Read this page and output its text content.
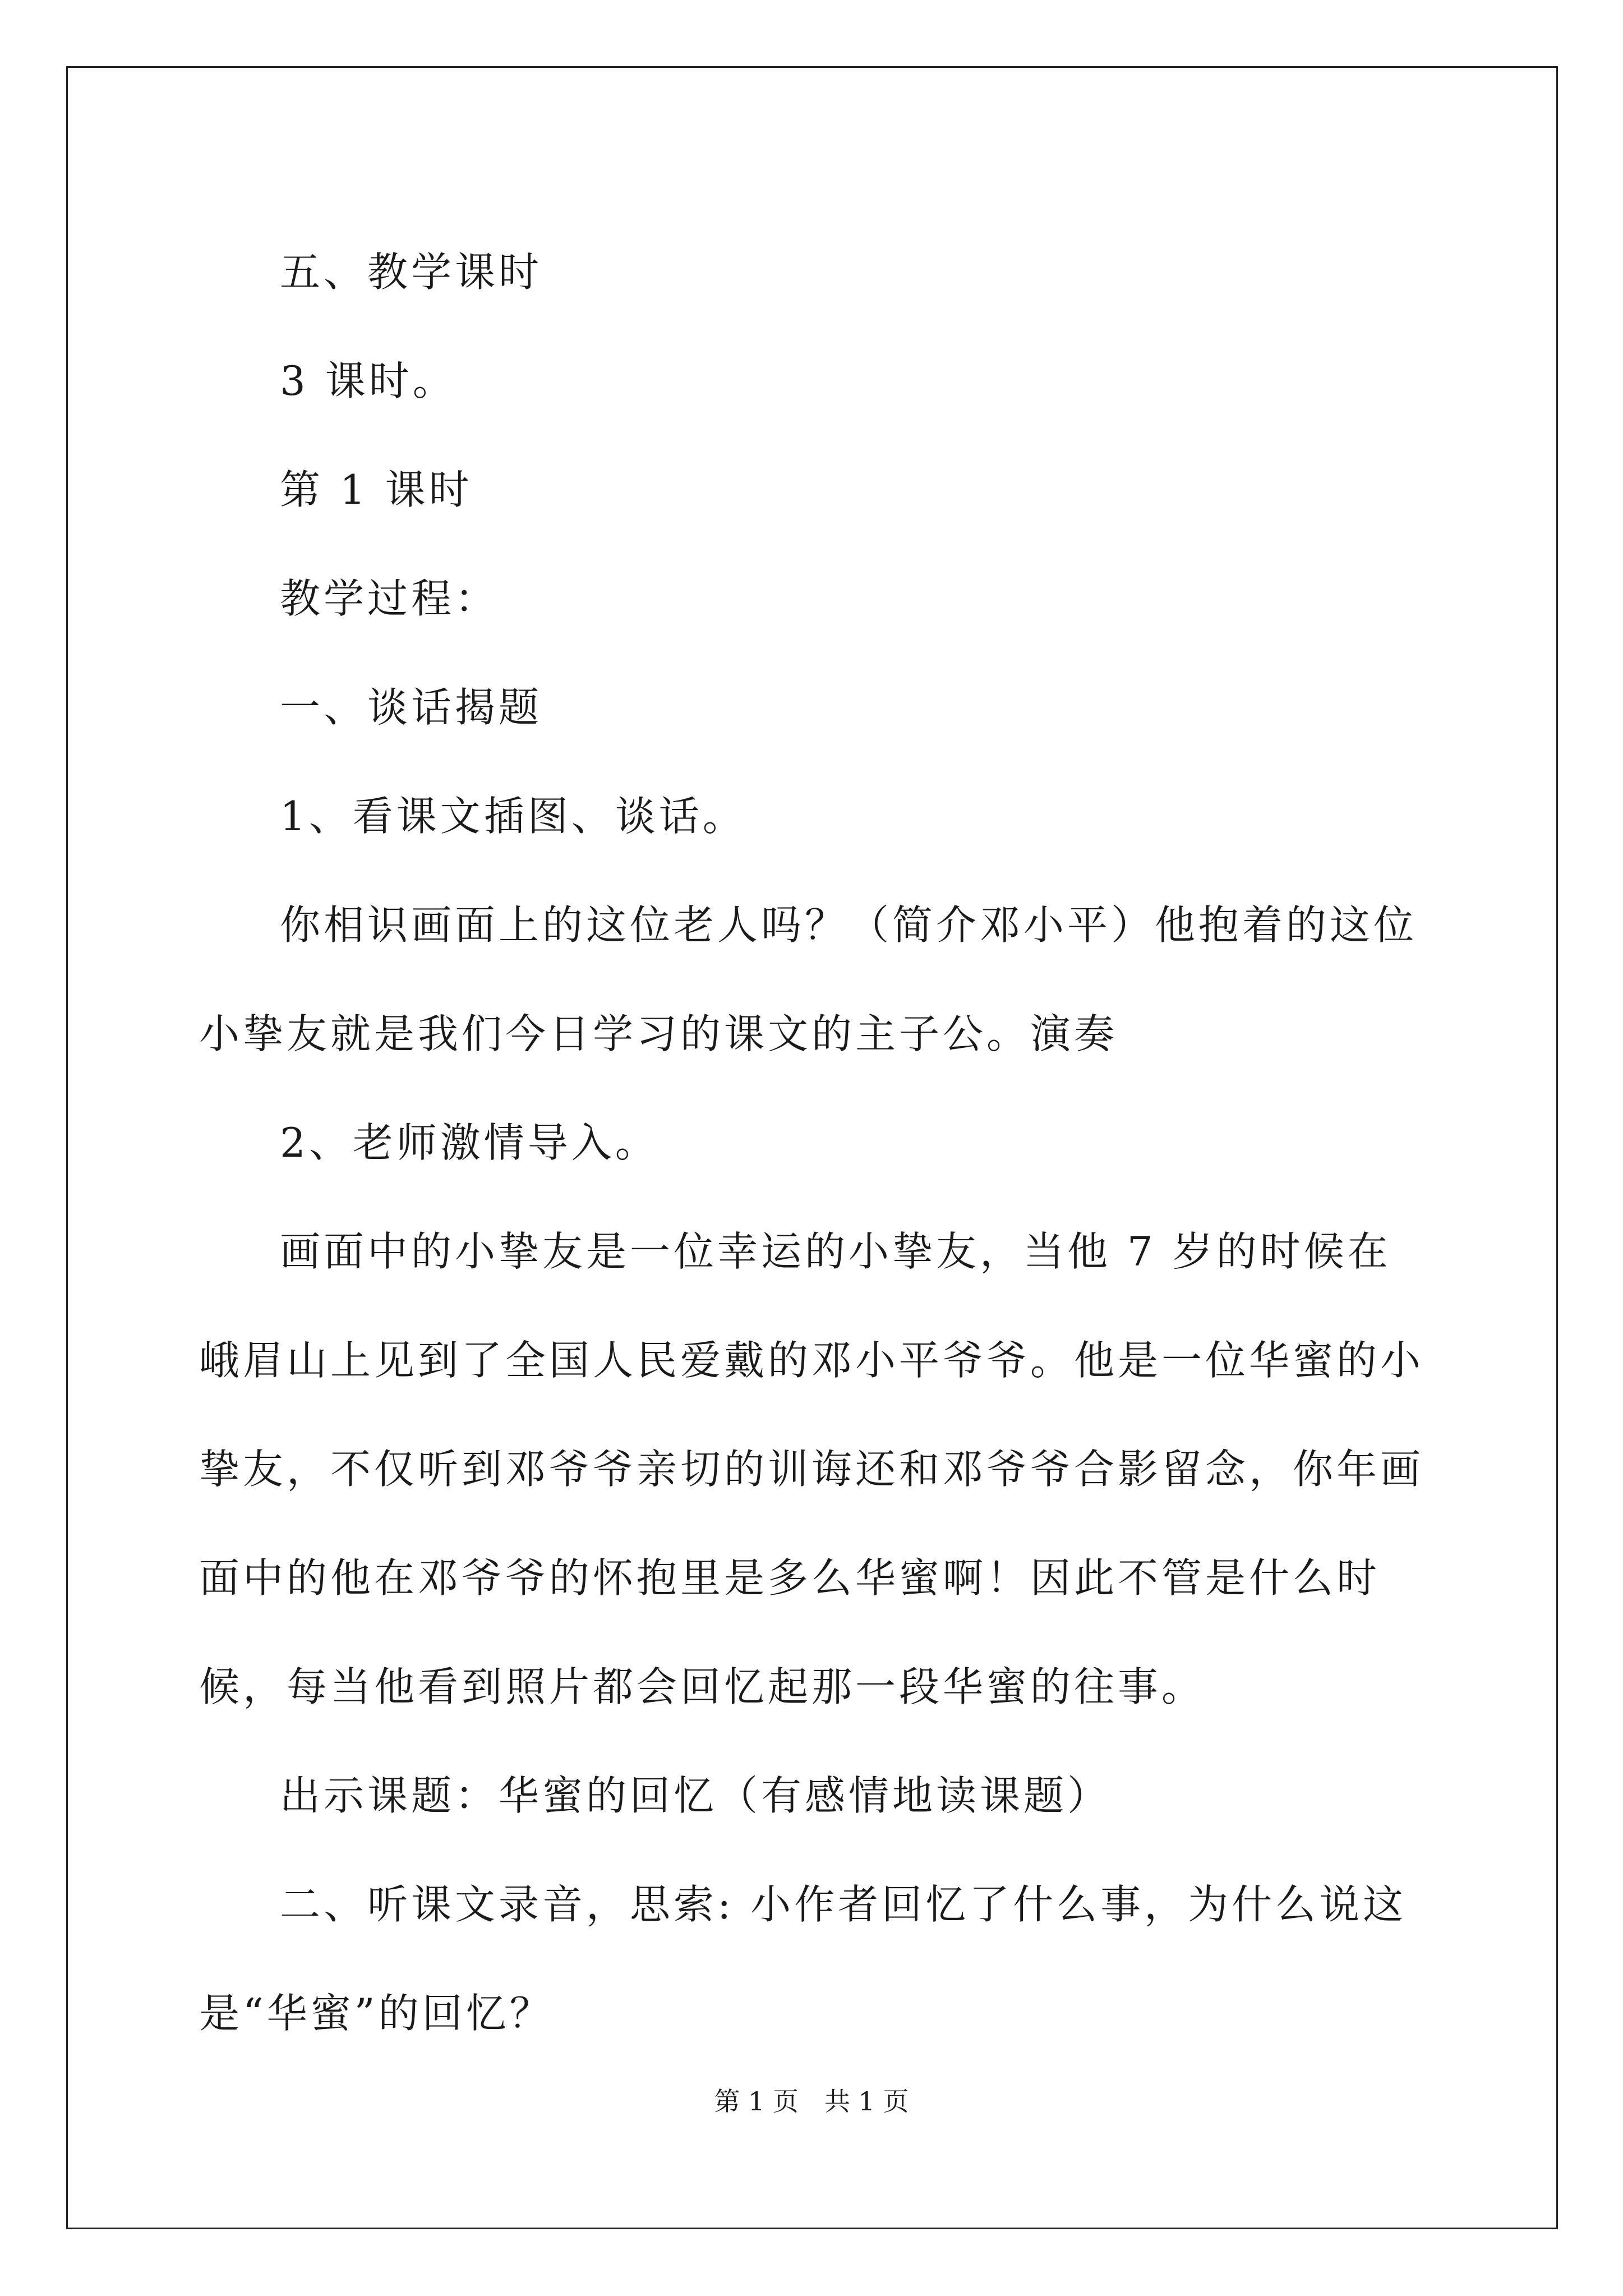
五、教学课时

3 课时。

第 1 课时

教学过程：

一、谈话揭题

1、看课文插图、谈话。

你相识画面上的这位老人吗？（简介邓小平）他抱着的这位小挚友就是我们今日学习的课文的主子公。演奏

2、老师激情导入。

画面中的小挚友是一位幸运的小挚友，当他 7 岁的时候在峨眉山上见到了全国人民爱戴的邓小平爷爷。他是一位华蜜的小挚友，不仅听到邓爷爷亲切的训诲还和邓爷爷合影留念，你年画面中的他在邓爷爷的怀抱里是多么华蜜啊！因此不管是什么时候，每当他看到照片都会回忆起那一段华蜜的往事。

出示课题：华蜜的回忆（有感情地读课题）

二、听课文录音，思索: 小作者回忆了什么事，为什么说这是“华蜜”的回忆？

第 1 页　共 1 页
